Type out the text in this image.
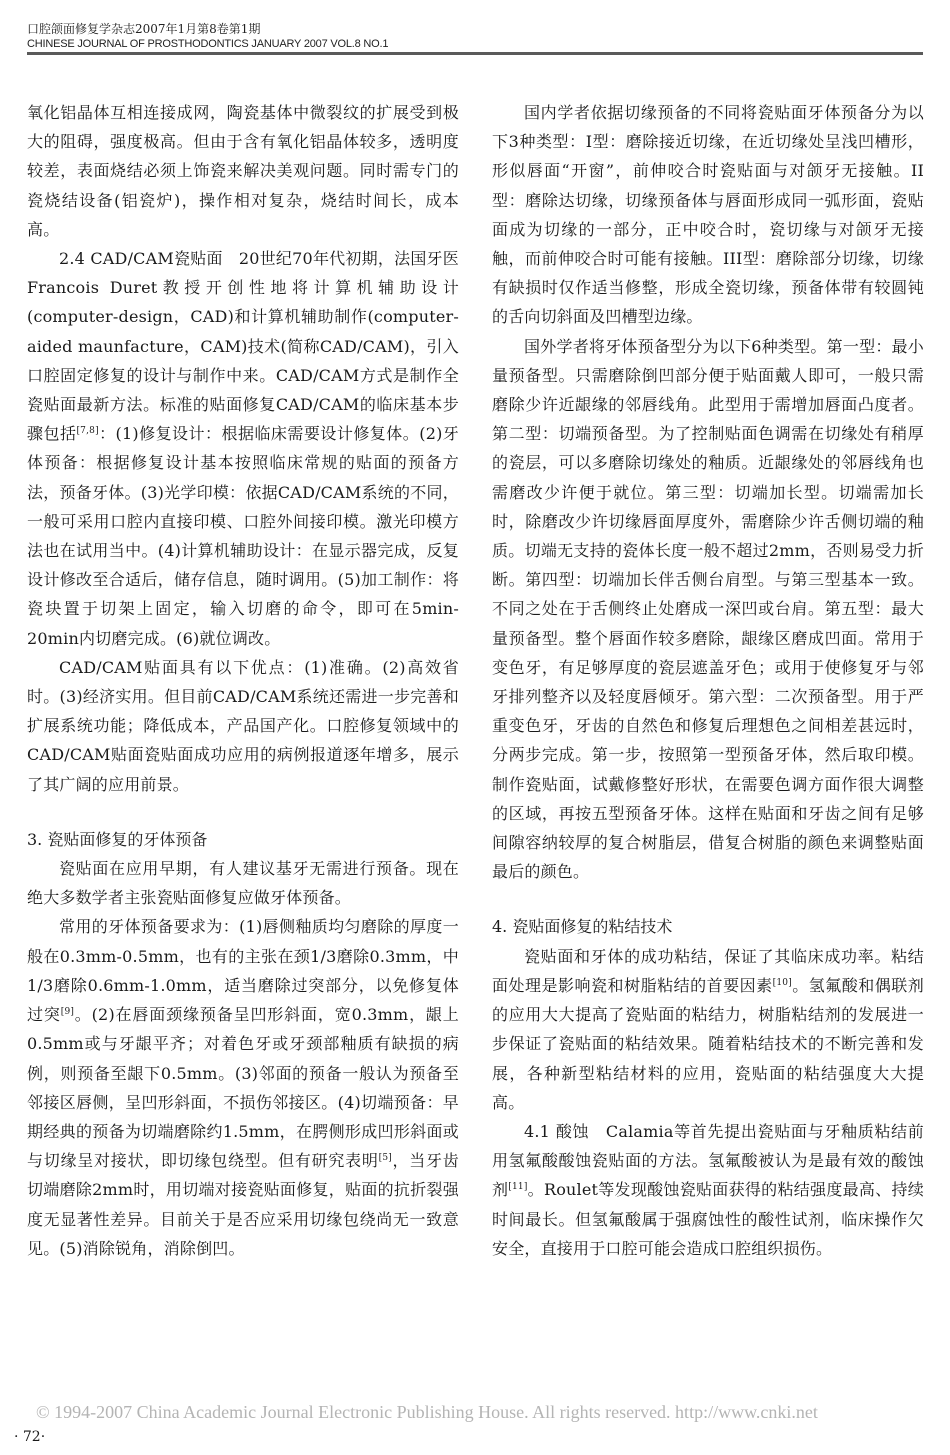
口腔颌面修复学杂志2007年1月第8卷第1期
CHINESE JOURNAL OF PROSTHODONTICS JANUARY 2007 VOL.8 NO.1

氧化铝晶体互相连接成网，陶瓷基体中微裂纹的扩展受到极大的阻碍，强度极高。但由于含有氧化铝晶体较多，透明度较差，表面烧结必须上饰瓷来解决美观问题。同时需专门的瓷烧结设备(铝瓷炉)，操作相对复杂，烧结时间长，成本高。

2.4 CAD/CAM瓷贴面　20世纪70年代初期，法国牙医Francois Duret教授开创性地将计算机辅助设计(computer-design，CAD)和计算机辅助制作(computer-aided maunfacture，CAM)技术(简称CAD/CAM)，引入口腔固定修复的设计与制作中来。CAD/CAM方式是制作全瓷贴面最新方法。标准的贴面修复CAD/CAM的临床基本步骤包括[7,8]：(1)修复设计：根据临床需要设计修复体。(2)牙体预备：根据修复设计基本按照临床常规的贴面的预备方法，预备牙体。(3)光学印模：依据CAD/CAM系统的不同，一般可采用口腔内直接印模、口腔外间接印模。激光印模方法也在试用当中。(4)计算机辅助设计：在显示器完成，反复设计修改至合适后，储存信息，随时调用。(5)加工制作：将瓷块置于切架上固定，输入切磨的命令，即可在5min-20min内切磨完成。(6)就位调改。

CAD/CAM贴面具有以下优点：(1)准确。(2)高效省时。(3)经济实用。但目前CAD/CAM系统还需进一步完善和扩展系统功能；降低成本，产品国产化。口腔修复领域中的CAD/CAM贴面瓷贴面成功应用的病例报道逐年增多，展示了其广阔的应用前景。

3. 瓷贴面修复的牙体预备

瓷贴面在应用早期，有人建议基牙无需进行预备。现在绝大多数学者主张瓷贴面修复应做牙体预备。

常用的牙体预备要求为：(1)唇侧釉质均匀磨除的厚度一般在0.3mm-0.5mm，也有的主张在颈1/3磨除0.3mm，中1/3磨除0.6mm-1.0mm，适当磨除过突部分，以免修复体过突[9]。(2)在唇面颈缘预备呈凹形斜面，宽0.3mm，龈上0.5mm或与牙龈平齐；对着色牙或牙颈部釉质有缺损的病例，则预备至龈下0.5mm。(3)邻面的预备一般认为预备至邻接区唇侧，呈凹形斜面，不损伤邻接区。(4)切端预备：早期经典的预备为切端磨除约1.5mm，在腭侧形成凹形斜面或与切缘呈对接状，即切缘包绕型。但有研究表明[5]，当牙齿切端磨除2mm时，用切端对接瓷贴面修复，贴面的抗折裂强度无显著性差异。目前关于是否应采用切缘包绕尚无一致意见。(5)消除锐角，消除倒凹。

国内学者依据切缘预备的不同将瓷贴面牙体预备分为以下3种类型：I型：磨除接近切缘，在近切缘处呈浅凹槽形，形似唇面“开窗”，前伸咬合时瓷贴面与对颌牙无接触。II型：磨除达切缘，切缘预备体与唇面形成同一弧形面，瓷贴面成为切缘的一部分，正中咬合时，瓷切缘与对颌牙无接触，而前伸咬合时可能有接触。III型：磨除部分切缘，切缘有缺损时仅作适当修整，形成全瓷切缘，预备体带有较圆钝的舌向切斜面及凹槽型边缘。

国外学者将牙体预备型分为以下6种类型。第一型：最小量预备型。只需磨除倒凹部分便于贴面戴人即可，一般只需磨除少许近龈缘的邻唇线角。此型用于需增加唇面凸度者。第二型：切端预备型。为了控制贴面色调需在切缘处有稍厚的瓷层，可以多磨除切缘处的釉质。近龈缘处的邻唇线角也需磨改少许便于就位。第三型：切端加长型。切端需加长时，除磨改少许切缘唇面厚度外，需磨除少许舌侧切端的釉质。切端无支持的瓷体长度一般不超过2mm，否则易受力折断。第四型：切端加长伴舌侧台肩型。与第三型基本一致。不同之处在于舌侧终止处磨成一深凹或台肩。第五型：最大量预备型。整个唇面作较多磨除，龈缘区磨成凹面。常用于变色牙，有足够厚度的瓷层遮盖牙色；或用于使修复牙与邻牙排列整齐以及轻度唇倾牙。第六型：二次预备型。用于严重变色牙，牙齿的自然色和修复后理想色之间相差甚远时，分两步完成。第一步，按照第一型预备牙体，然后取印模。制作瓷贴面，试戴修整好形状，在需要色调方面作很大调整的区域，再按五型预备牙体。这样在贴面和牙齿之间有足够间隙容纳较厚的复合树脂层，借复合树脂的颜色来调整贴面最后的颜色。

4. 瓷贴面修复的粘结技术

瓷贴面和牙体的成功粘结，保证了其临床成功率。粘结面处理是影响瓷和树脂粘结的首要因素[10]。氢氟酸和偶联剂的应用大大提高了瓷贴面的粘结力，树脂粘结剂的发展进一步保证了瓷贴面的粘结效果。随着粘结技术的不断完善和发展，各种新型粘结材料的应用，瓷贴面的粘结强度大大提高。

4.1 酸蚀　Calamia等首先提出瓷贴面与牙釉质粘结前用氢氟酸酸蚀瓷贴面的方法。氢氟酸被认为是最有效的酸蚀剂[11]。Roulet等发现酸蚀瓷贴面获得的粘结强度最高、持续时间最长。但氢氟酸属于强腐蚀性的酸性试剂，临床操作欠安全，直接用于口腔可能会造成口腔组织损伤。

© 1994-2007 China Academic Journal Electronic Publishing House. All rights reserved. http://www.cnki.net
· 72·
